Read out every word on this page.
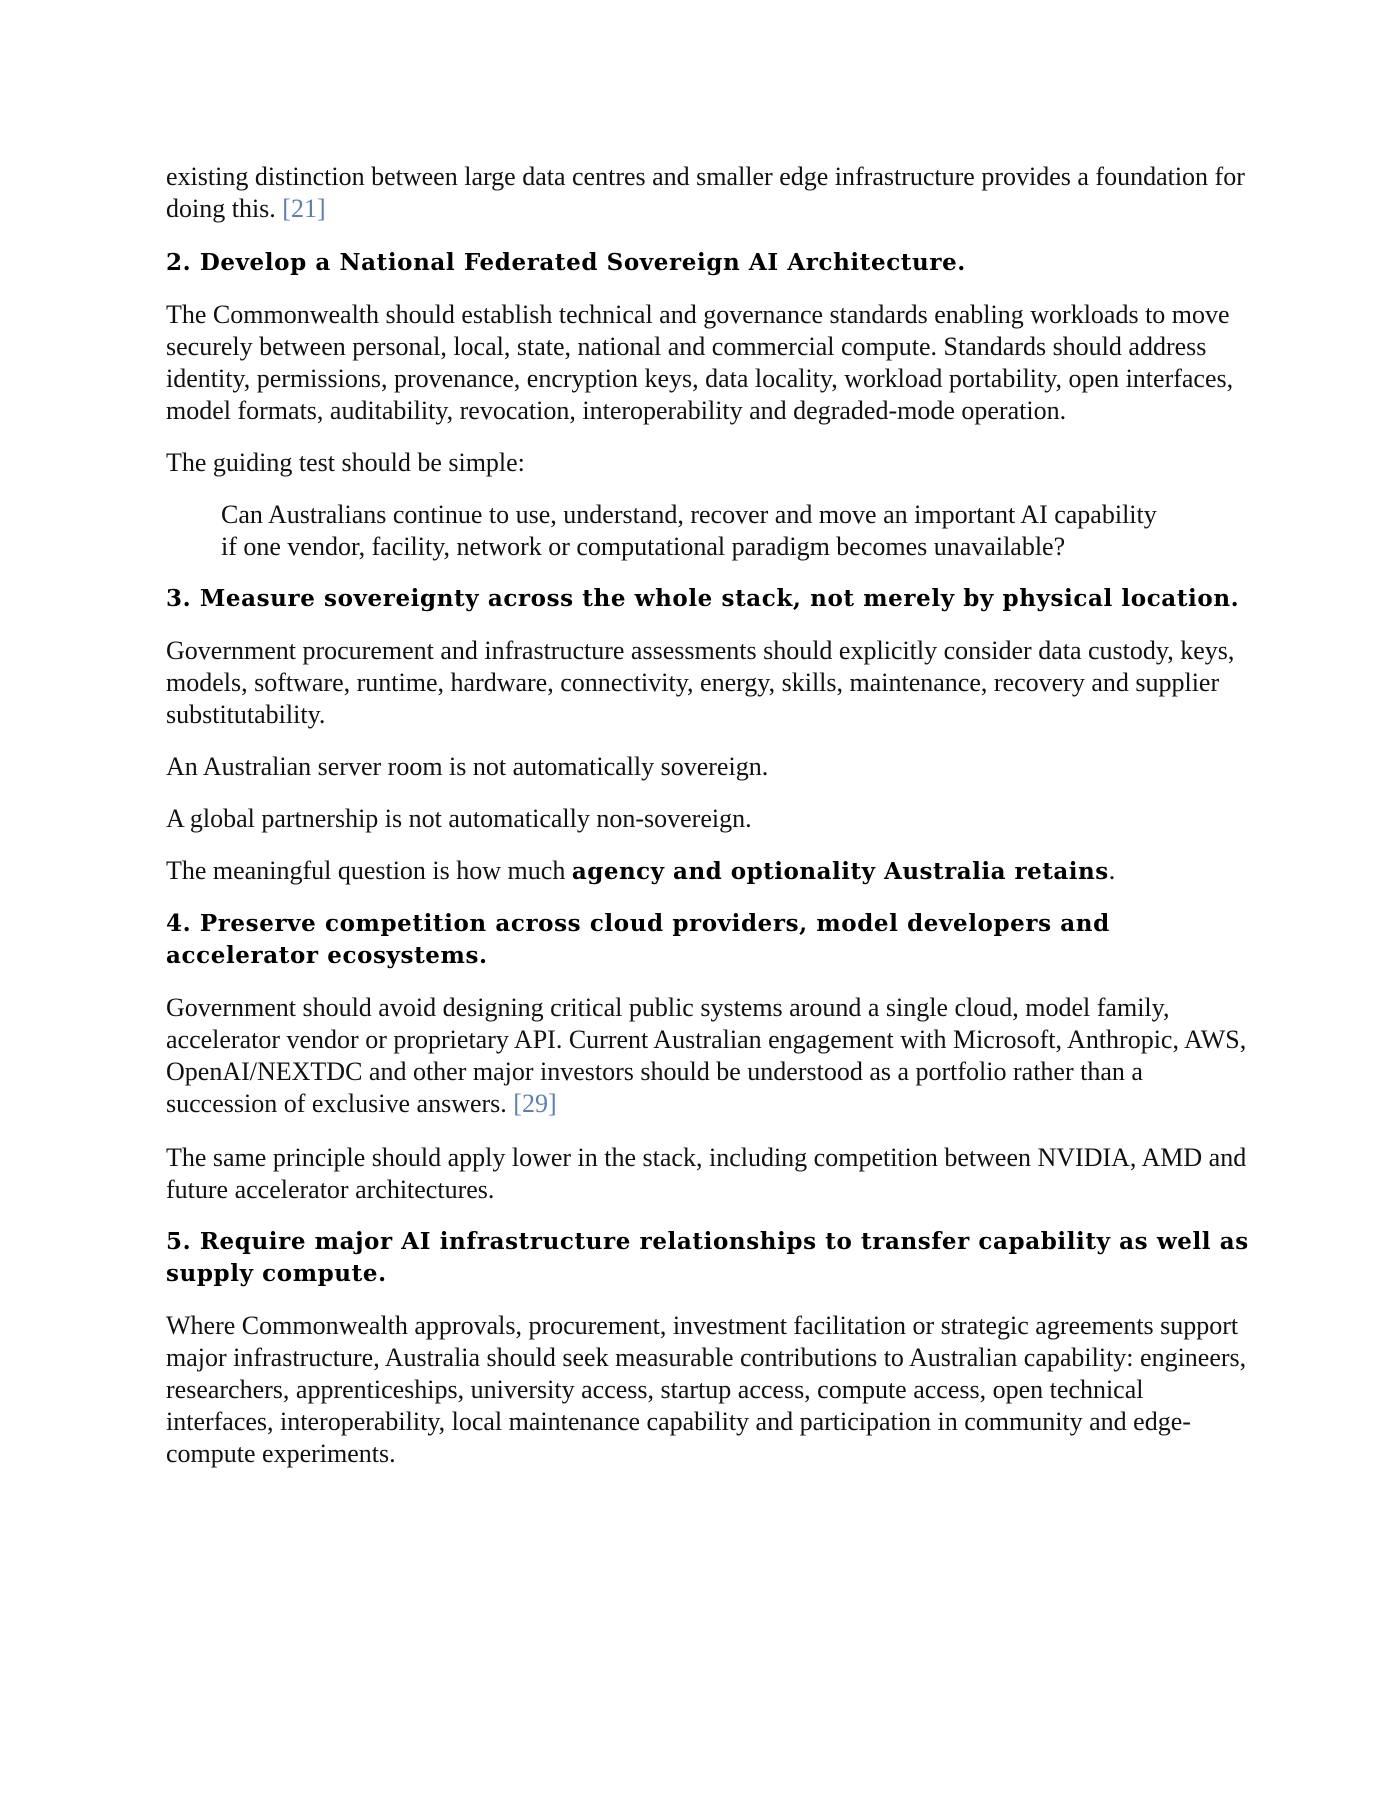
existing distinction between large data centres and smaller edge infrastructure provides a foundation for doing this. [21]

2. Develop a National Federated Sovereign AI Architecture.

The Commonwealth should establish technical and governance standards enabling workloads to move securely between personal, local, state, national and commercial compute. Standards should address identity, permissions, provenance, encryption keys, data locality, workload portability, open interfaces, model formats, auditability, revocation, interoperability and degraded-mode operation.

The guiding test should be simple:

Can Australians continue to use, understand, recover and move an important AI capability if one vendor, facility, network or computational paradigm becomes unavailable?

3. Measure sovereignty across the whole stack, not merely by physical location.

Government procurement and infrastructure assessments should explicitly consider data custody, keys, models, software, runtime, hardware, connectivity, energy, skills, maintenance, recovery and supplier substitutability.

An Australian server room is not automatically sovereign.

A global partnership is not automatically non-sovereign.

The meaningful question is how much agency and optionality Australia retains.

4. Preserve competition across cloud providers, model developers and accelerator ecosystems.

Government should avoid designing critical public systems around a single cloud, model family, accelerator vendor or proprietary API. Current Australian engagement with Microsoft, Anthropic, AWS, OpenAI/NEXTDC and other major investors should be understood as a portfolio rather than a succession of exclusive answers. [29]

The same principle should apply lower in the stack, including competition between NVIDIA, AMD and future accelerator architectures.

5. Require major AI infrastructure relationships to transfer capability as well as supply compute.

Where Commonwealth approvals, procurement, investment facilitation or strategic agreements support major infrastructure, Australia should seek measurable contributions to Australian capability: engineers, researchers, apprenticeships, university access, startup access, compute access, open technical interfaces, interoperability, local maintenance capability and participation in community and edge-compute experiments.
